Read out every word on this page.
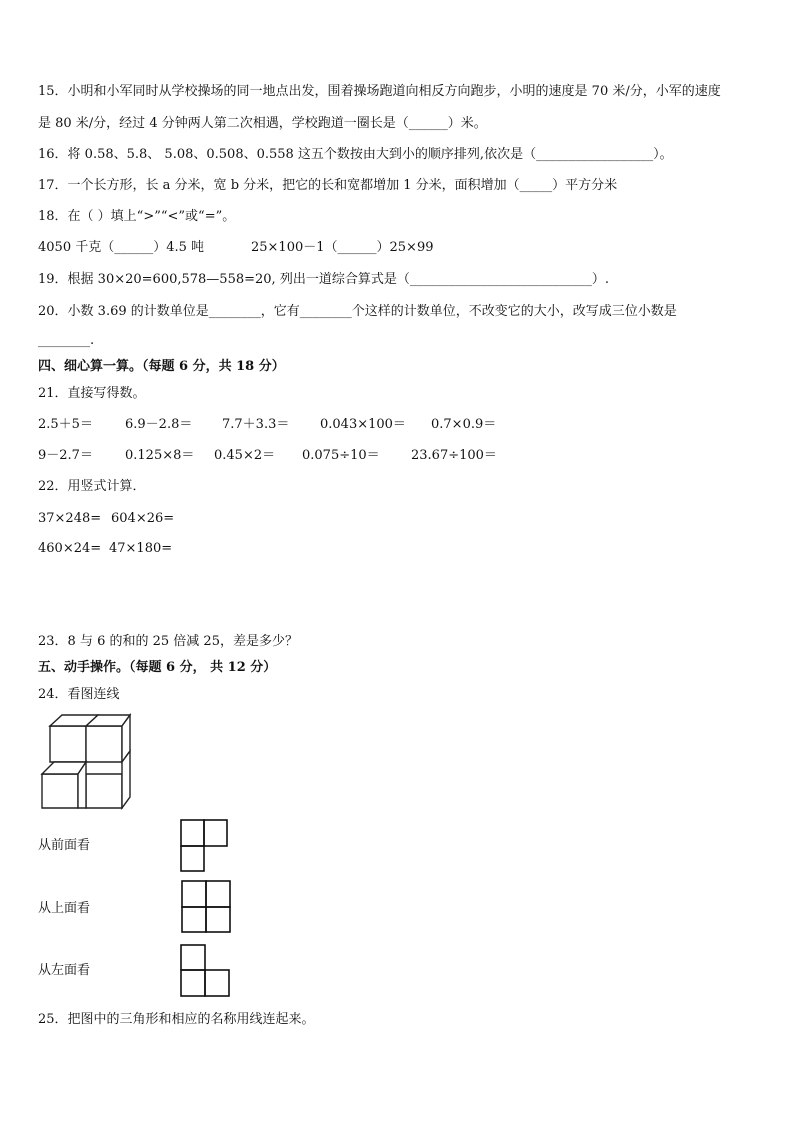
15．小明和小军同时从学校操场的同一地点出发，围着操场跑道向相反方向跑步，小明的速度是 70 米/分，小军的速度
是 80 米/分，经过 4 分钟两人第二次相遇，学校跑道一圈长是（______）米。
16．将 0.58、5.8、 5.08、0.508、0.558 这五个数按由大到小的顺序排列,依次是（__________________）。
17．一个长方形，长 a 分米，宽 b 分米，把它的长和宽都增加 1 分米，面积增加（_____）平方分米
18．在（ ）填上“>”“<”或“=”。
4050 千克（______）4.5 吨	25×100－1（______）25×99
19．根据 30×20=600,578—558=20, 列出一道综合算式是（____________________________）.
20．小数 3.69 的计数单位是________，它有________个这样的计数单位，不改变它的大小，改写成三位小数是
________.
四、细心算一算。（每题 6 分，共 18 分）
21．直接写得数。
2.5＋5＝ 6.9－2.8＝ 7.7＋3.3＝ 0.043×100＝ 0.7×0.9＝
9－2.7＝ 0.125×8＝ 0.45×2＝ 0.075÷10＝ 23.67÷100＝
22．用竖式计算．
37×248= 604×26=
460×24= 47×180=
23．8 与 6 的和的 25 倍减 25，差是多少？
五、动手操作。（每题 6 分， 共 12 分）
24．看图连线
从前面看
从上面看
从左面看
25．把图中的三角形和相应的名称用线连起来。
